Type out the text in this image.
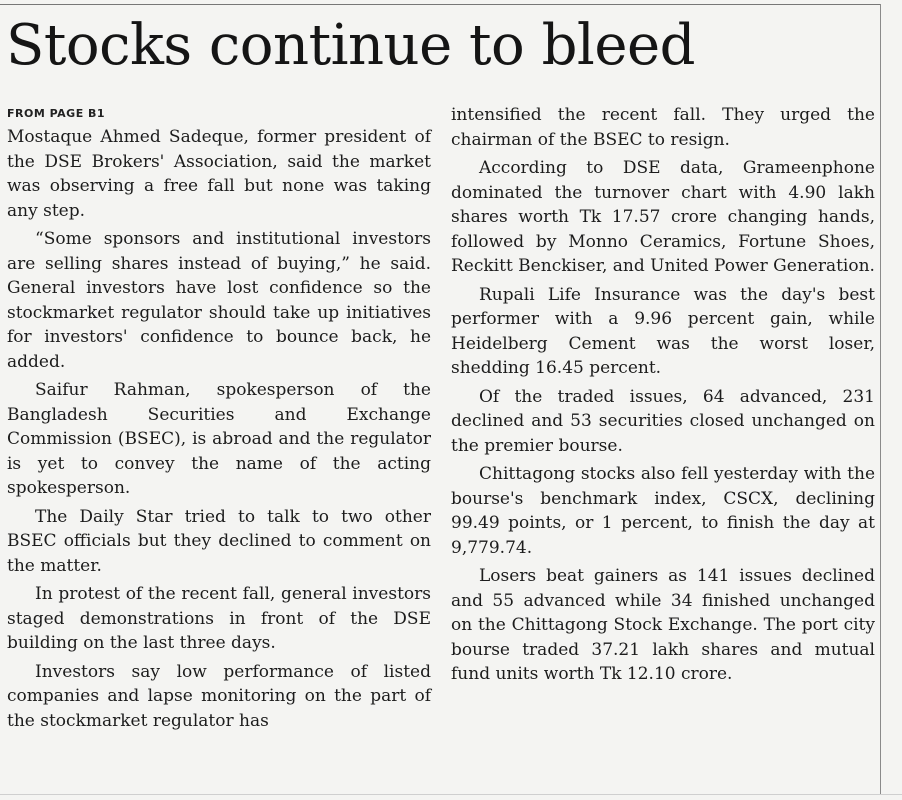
Stocks continue to bleed
FROM PAGE B1

Mostaque Ahmed Sadeque, former president of the DSE Brokers' Association, said the market was observing a free fall but none was taking any step.

“Some sponsors and institutional investors are selling shares instead of buying,” he said. General investors have lost confidence so the stockmarket regulator should take up initiatives for investors' confidence to bounce back, he added.

Saifur Rahman, spokesperson of the Bangladesh Securities and Exchange Commission (BSEC), is abroad and the regulator is yet to convey the name of the acting spokesperson.

The Daily Star tried to talk to two other BSEC officials but they declined to comment on the matter.

In protest of the recent fall, general investors staged demonstrations in front of the DSE building on the last three days.

Investors say low performance of listed companies and lapse monitoring on the part of the stockmarket regulator has

intensified the recent fall. They urged the chairman of the BSEC to resign.

According to DSE data, Grameenphone dominated the turnover chart with 4.90 lakh shares worth Tk 17.57 crore changing hands, followed by Monno Ceramics, Fortune Shoes, Reckitt Benckiser, and United Power Generation.

Rupali Life Insurance was the day's best performer with a 9.96 percent gain, while Heidelberg Cement was the worst loser, shedding 16.45 percent.

Of the traded issues, 64 advanced, 231 declined and 53 securities closed unchanged on the premier bourse.

Chittagong stocks also fell yesterday with the bourse's benchmark index, CSCX, declining 99.49 points, or 1 percent, to finish the day at 9,779.74.

Losers beat gainers as 141 issues declined and 55 advanced while 34 finished unchanged on the Chittagong Stock Exchange. The port city bourse traded 37.21 lakh shares and mutual fund units worth Tk 12.10 crore.
